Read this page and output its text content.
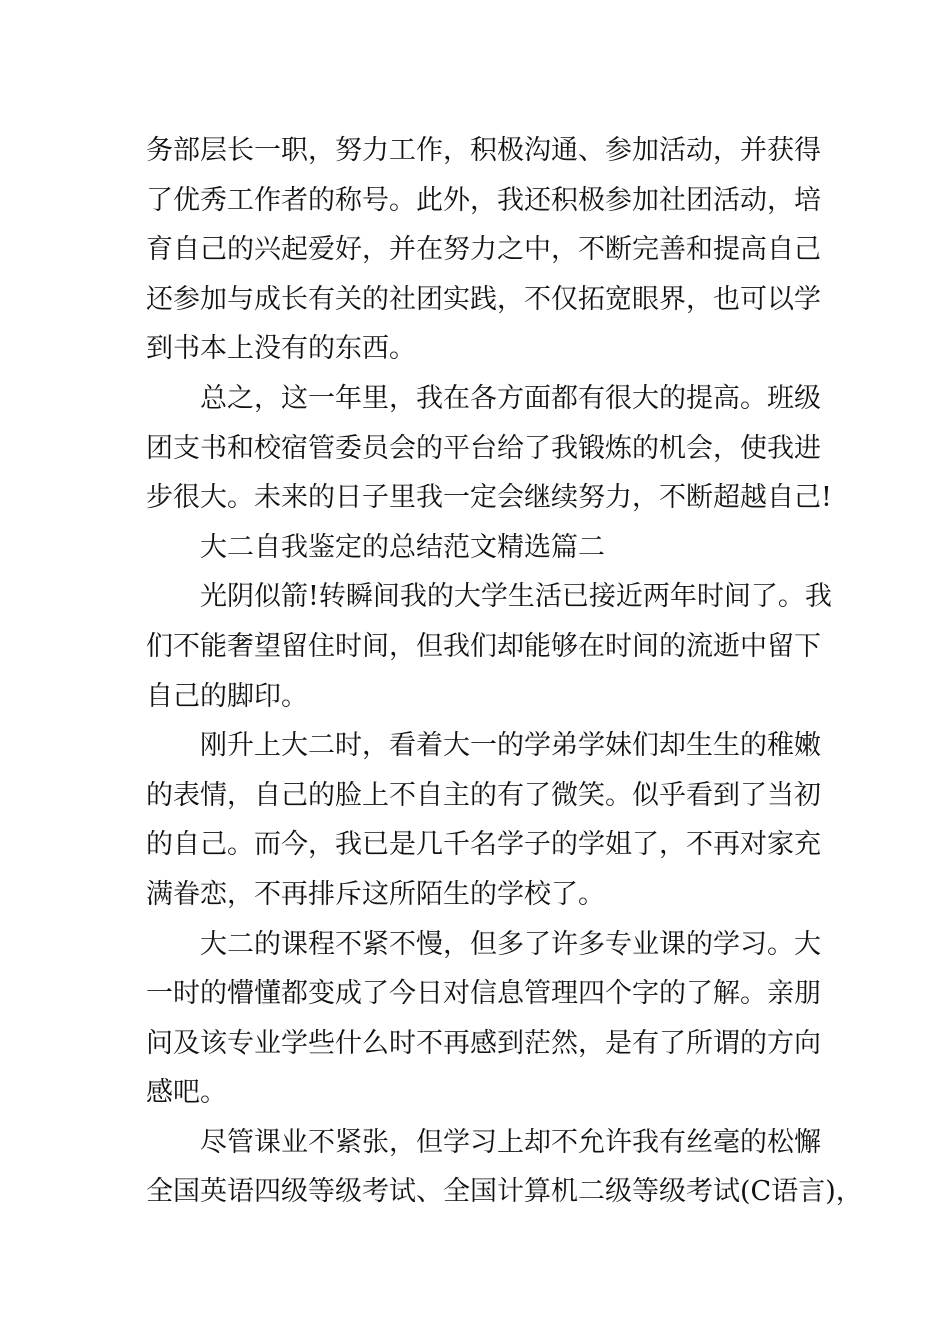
务部层长一职，努力工作，积极沟通、参加活动，并获得
了优秀工作者的称号。此外，我还积极参加社团活动，培
育自己的兴起爱好，并在努力之中，不断完善和提高自己
还参加与成长有关的社团实践，不仅拓宽眼界，也可以学
到书本上没有的东西。
总之，这一年里，我在各方面都有很大的提高。班级
团支书和校宿管委员会的平台给了我锻炼的机会，使我进
步很大。未来的日子里我一定会继续努力，不断超越自己!
大二自我鉴定的总结范文精选篇二
光阴似箭!转瞬间我的大学生活已接近两年时间了。我
们不能奢望留住时间，但我们却能够在时间的流逝中留下
自己的脚印。
刚升上大二时，看着大一的学弟学妹们却生生的稚嫩
的表情，自己的脸上不自主的有了微笑。似乎看到了当初
的自己。而今，我已是几千名学子的学姐了，不再对家充
满眷恋，不再排斥这所陌生的学校了。
大二的课程不紧不慢，但多了许多专业课的学习。大
一时的懵懂都变成了今日对信息管理四个字的了解。亲朋
问及该专业学些什么时不再感到茫然，是有了所谓的方向
感吧。
尽管课业不紧张，但学习上却不允许我有丝毫的松懈
全国英语四级等级考试、全国计算机二级等级考试(C语言)，
